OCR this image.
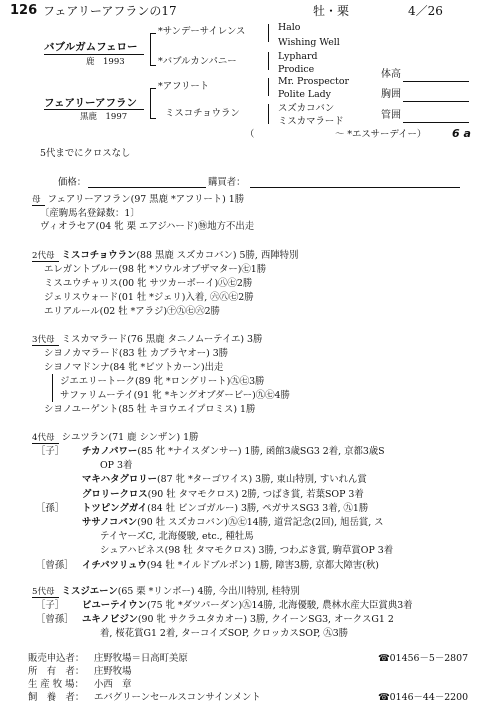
126 フェアリーアフランの17	牡・栗	4／26
バブルガムフェロー
鹿　1993
*サンデーサイレンス
*バブルカンパニー
Halo
Wishing Well
Lyphard
Prodice
フェアリーアフラン
黒鹿　1997
*アフリート
ミスコチョウラン
Mr. Prospector
Polite Lady
スズカコバン
ミスカマラード
（	～ *エスサーデイー） 6 a
体高
胸囲
管囲
5代までにクロスなし
価格：	購買者：
母 フェアリーアフラン(97 黒鹿 *アフリート) 1勝
〔産駒馬名登録数：1〕
ヴィオラセア(04 牝 栗 エアジハード)㊕地方不出走
2代母 ミスコチョウラン(88 黒鹿 スズカコバン) 5勝, 西陣特別
エレガントブルー(98 牝 *ソウルオブザマター)㊆1勝
ミスユウチャリス(00 牝 サツカーボーイ)㊇㊆2勝
ジェリスウォード(01 牡 *ジェリ)入着, ㊅㊇㊆2勝
エリアルール(02 牡 *アラジ)㊉㊈㊆㊅2勝
3代母 ミスカマラード(76 黒鹿 タニノムーテイエ) 3勝
シヨノカマラード(83 牡 カブラヤオー) 3勝
シヨノマドンナ(84 牝 *ビツトカーン)出走
ジエエリートーク(89 牝 *ロングリート)㊈㊆3勝
サファリムーテイ(91 牝 *キングオブダービー)㊈㊆4勝
シヨノユーゲント(85 牡 キヨウエイプロミス) 1勝
4代母 シユツラン(71 鹿 シンザン) 1勝
［子］ チカノパワー(85 牝 *ナイスダンサー) 1勝, 函館3歳SG3 2着, 京都3歳S
OP 3着
マキハタグロリー(87 牝 *ターゴワイス) 3勝, 東山特別, すいれん賞
グロリークロス(90 牡 タマモクロス) 2勝, つばき賞, 若葉SOP 3着
［孫］ トツピングガイ(84 牡 ビンゴガルー) 3勝, ペガサスSG3 3着, ㊈1勝
ササノコバン(90 牡 スズカコバン)㊈㊆14勝, 道営記念(2回), 旭岳賞, ス
テイヤーズC, 北海優駿, etc., 種牡馬
シュアハピネス(98 牡 タマモクロス) 3勝, つわぶき賞, 駒草賞OP 3着
［曾孫］ イチパツリュウ(94 牡 *イルドブルボン) 1勝, 障害3勝, 京都大障害(秋)
5代母 ミスジエーン(65 栗 *リンボー) 4勝, 今出川特別, 桂特別
［子］ ビユーテイウン(75 牝 *ダツパーダン)㊈14勝, 北海優駿, 農林水産大臣賞典3着
［曾孫］ ユキノビジン(90 牝 サクラユタカオー) 3勝, クイーンSG3, オークスG1 2
着, 桜花賞G1 2着, ターコイズSOP, クロッカスSOP, ㊈3勝
販売申込者： 庄野牧場＝日高町美原	☎01456－5－2807
所　有　者： 庄野牧場
生 産 牧 場： 小西　章
飼　養　者： エバグリーンセールスコンサインメント	☎0146－44－2200
